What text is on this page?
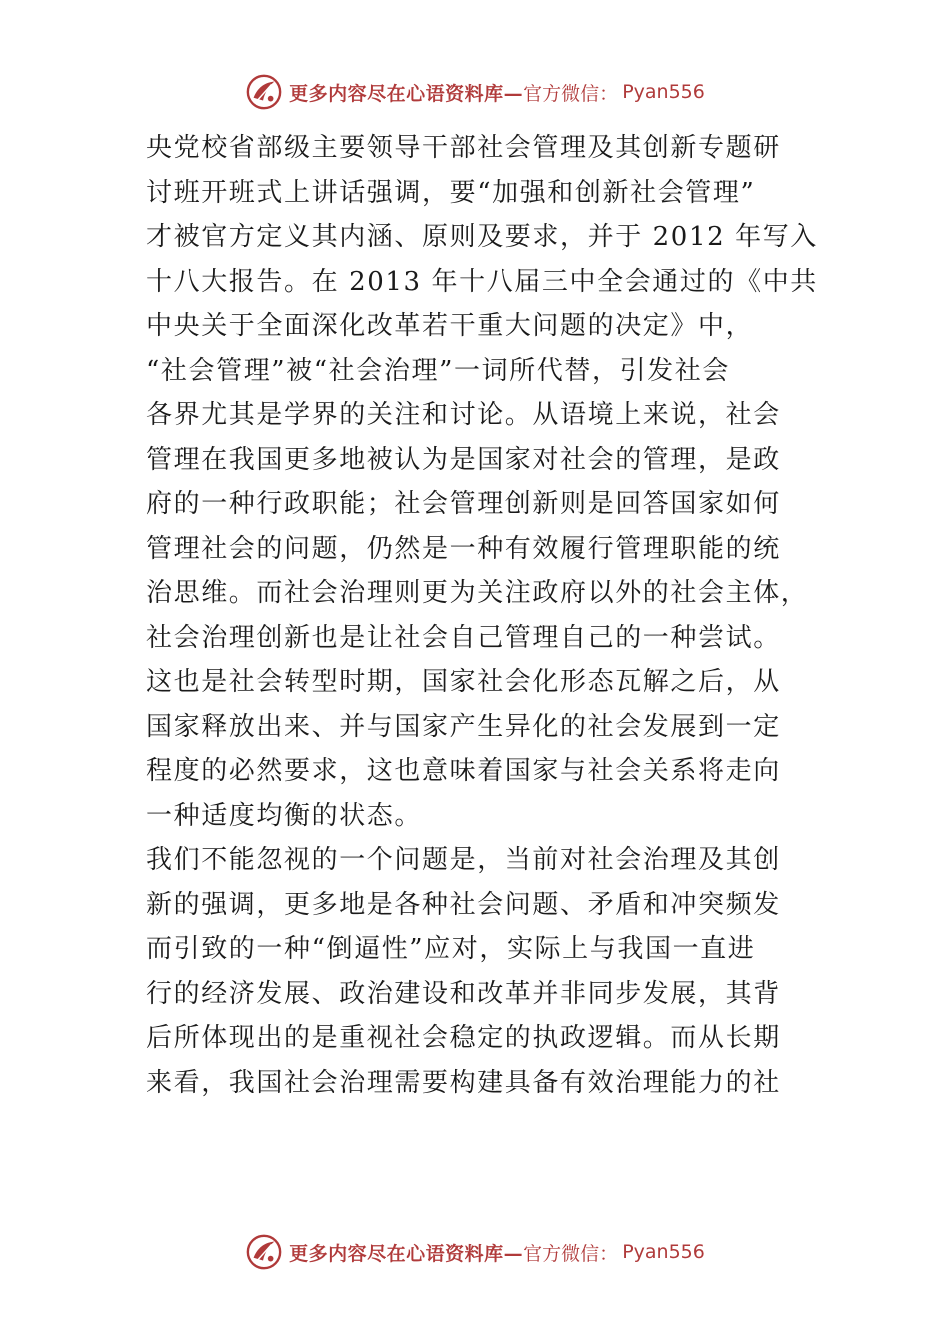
更多内容尽在心语资料库— 官方微信： Pyan556
央党校省部级主要领导干部社会管理及其创新专题研
讨班开班式上讲话强调，要“加强和创新社会管理”
才被官方定义其内涵、原则及要求，并于 2012 年写入
十八大报告。在 2013 年十八届三中全会通过的《中共
中央关于全面深化改革若干重大问题的决定》中，
“社会管理”被“社会治理”一词所代替，引发社会
各界尤其是学界的关注和讨论。从语境上来说，社会
管理在我国更多地被认为是国家对社会的管理，是政
府的一种行政职能；社会管理创新则是回答国家如何
管理社会的问题，仍然是一种有效履行管理职能的统
治思维。而社会治理则更为关注政府以外的社会主体，
社会治理创新也是让社会自己管理自己的一种尝试。
这也是社会转型时期，国家社会化形态瓦解之后，从
国家释放出来、并与国家产生异化的社会发展到一定
程度的必然要求，这也意味着国家与社会关系将走向
一种适度均衡的状态。
我们不能忽视的一个问题是，当前对社会治理及其创
新的强调，更多地是各种社会问题、矛盾和冲突频发
而引致的一种“倒逼性”应对，实际上与我国一直进
行的经济发展、政治建设和改革并非同步发展，其背
后所体现出的是重视社会稳定的执政逻辑。而从长期
来看，我国社会治理需要构建具备有效治理能力的社
更多内容尽在心语资料库— 官方微信： Pyan556
